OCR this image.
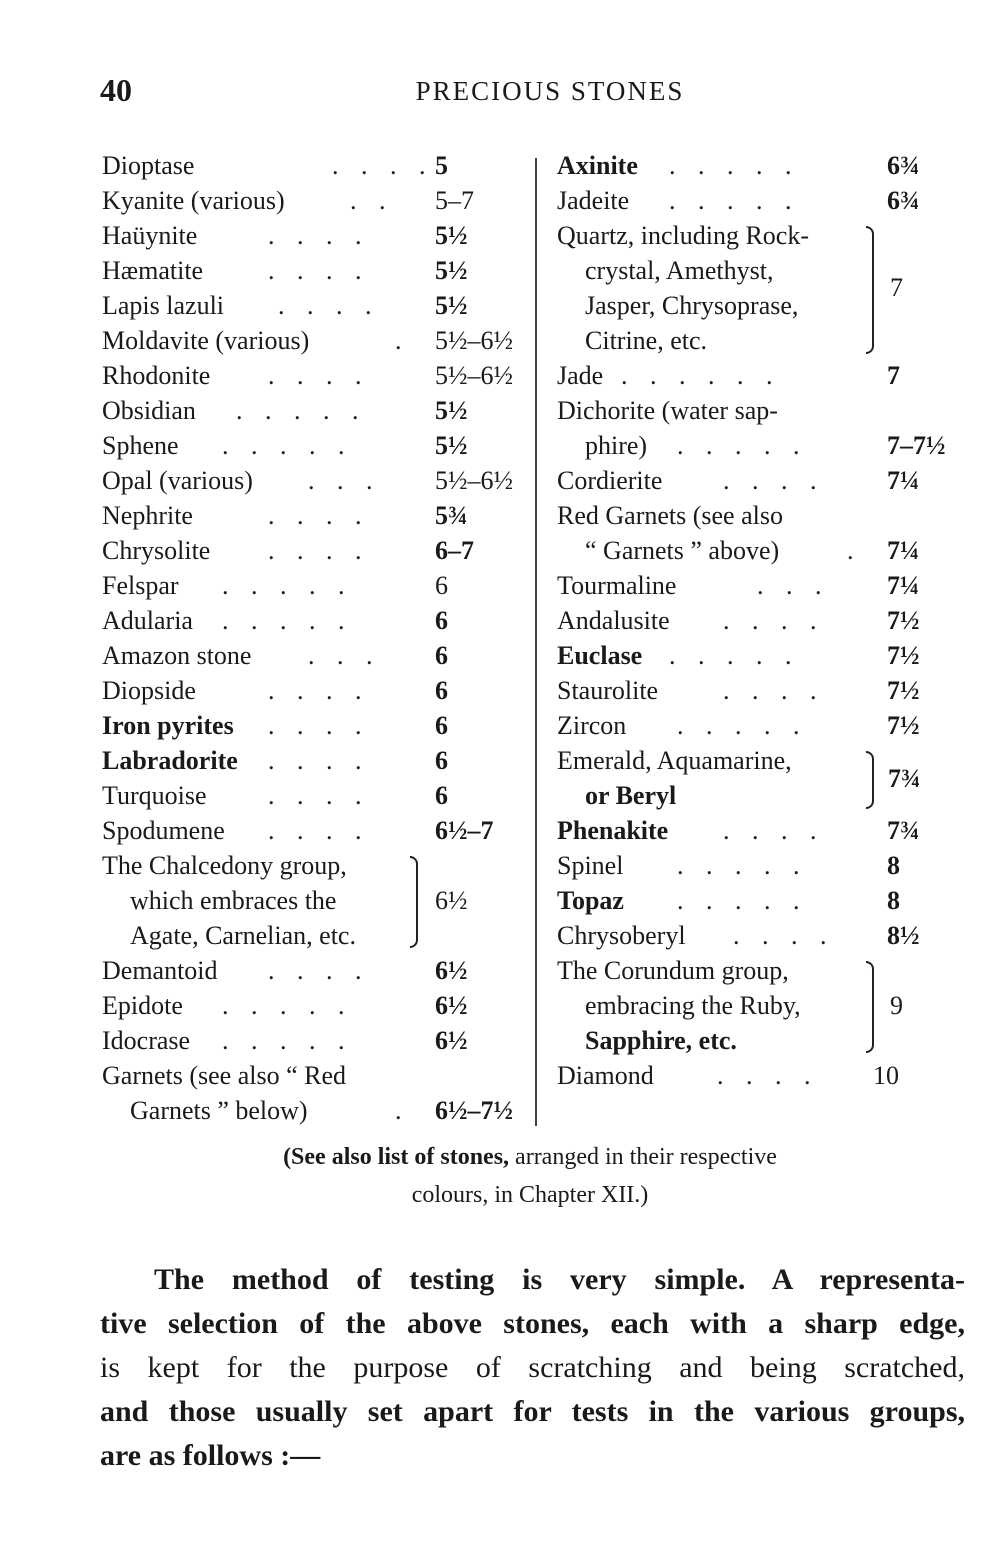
40	PRECIOUS STONES
Dioptase	. . . . 5
Kyanite (various)	. . 5–7
Haüynite	. . . .	5½
Hæmatite . . . .	5½
Lapis lazuli . . . . 5½
Moldavite (various)	. 5½–6½
Rhodonite . . . .	5½–6½
Obsidian . . . . .	5½
Sphene . . . . .	5½
Opal (various) . . . 5½–6½
Nephrite	. . . .	5¾
Chrysolite . . . .	6–7
Felspar . . . . .	6
Adularia . . . . .	6
Amazon stone . . . 6
Diopside	. . . .	6
Iron pyrites . . . .	6
Labradorite . . . .	6
Turquoise . . . .	6
Spodumene . . . .	6½–7
The Chalcedony group,
which embraces the
Agate, Carnelian, etc.
6½
Demantoid . . . .	6½
Epidote . . . . .	6½
Idocrase . . . . .	6½
Garnets (see also “ Red
Garnets ” below)	. 6½–7½
Axinite . . . . .	6¾
Jadeite . . . . .	6¾
Quartz, including Rock-
crystal, Amethyst,
Jasper, Chrysoprase,
Citrine, etc.
7
Jade . . . . . .	7
Dichorite (water sap-
phire) . . . . .	7–7½
Cordierite . . . . 7¼
Red Garnets (see also
“ Garnets ” above)	. 7¼
Tourmaline	. . . 7¼
Andalusite . . . . 7½
Euclase . . . . .	7½
Staurolite . . . . 7½
Zircon . . . . .	7½
Emerald, Aquamarine,
or Beryl
7¾
Phenakite . . . . 7¾
Spinel . . . . .	8
Topaz . . . . .	8
Chrysoberyl . . . . 8½
The Corundum group,
embracing the Ruby,
Sapphire, etc.
9
Diamond . . . . 10
(See also list of stones, arranged in their respective
colours, in Chapter XII.)
The method of testing is very simple. A representa-
tive selection of the above stones, each with a sharp edge,
is kept for the purpose of scratching and being scratched,
and those usually set apart for tests in the various groups,
are as follows :—
